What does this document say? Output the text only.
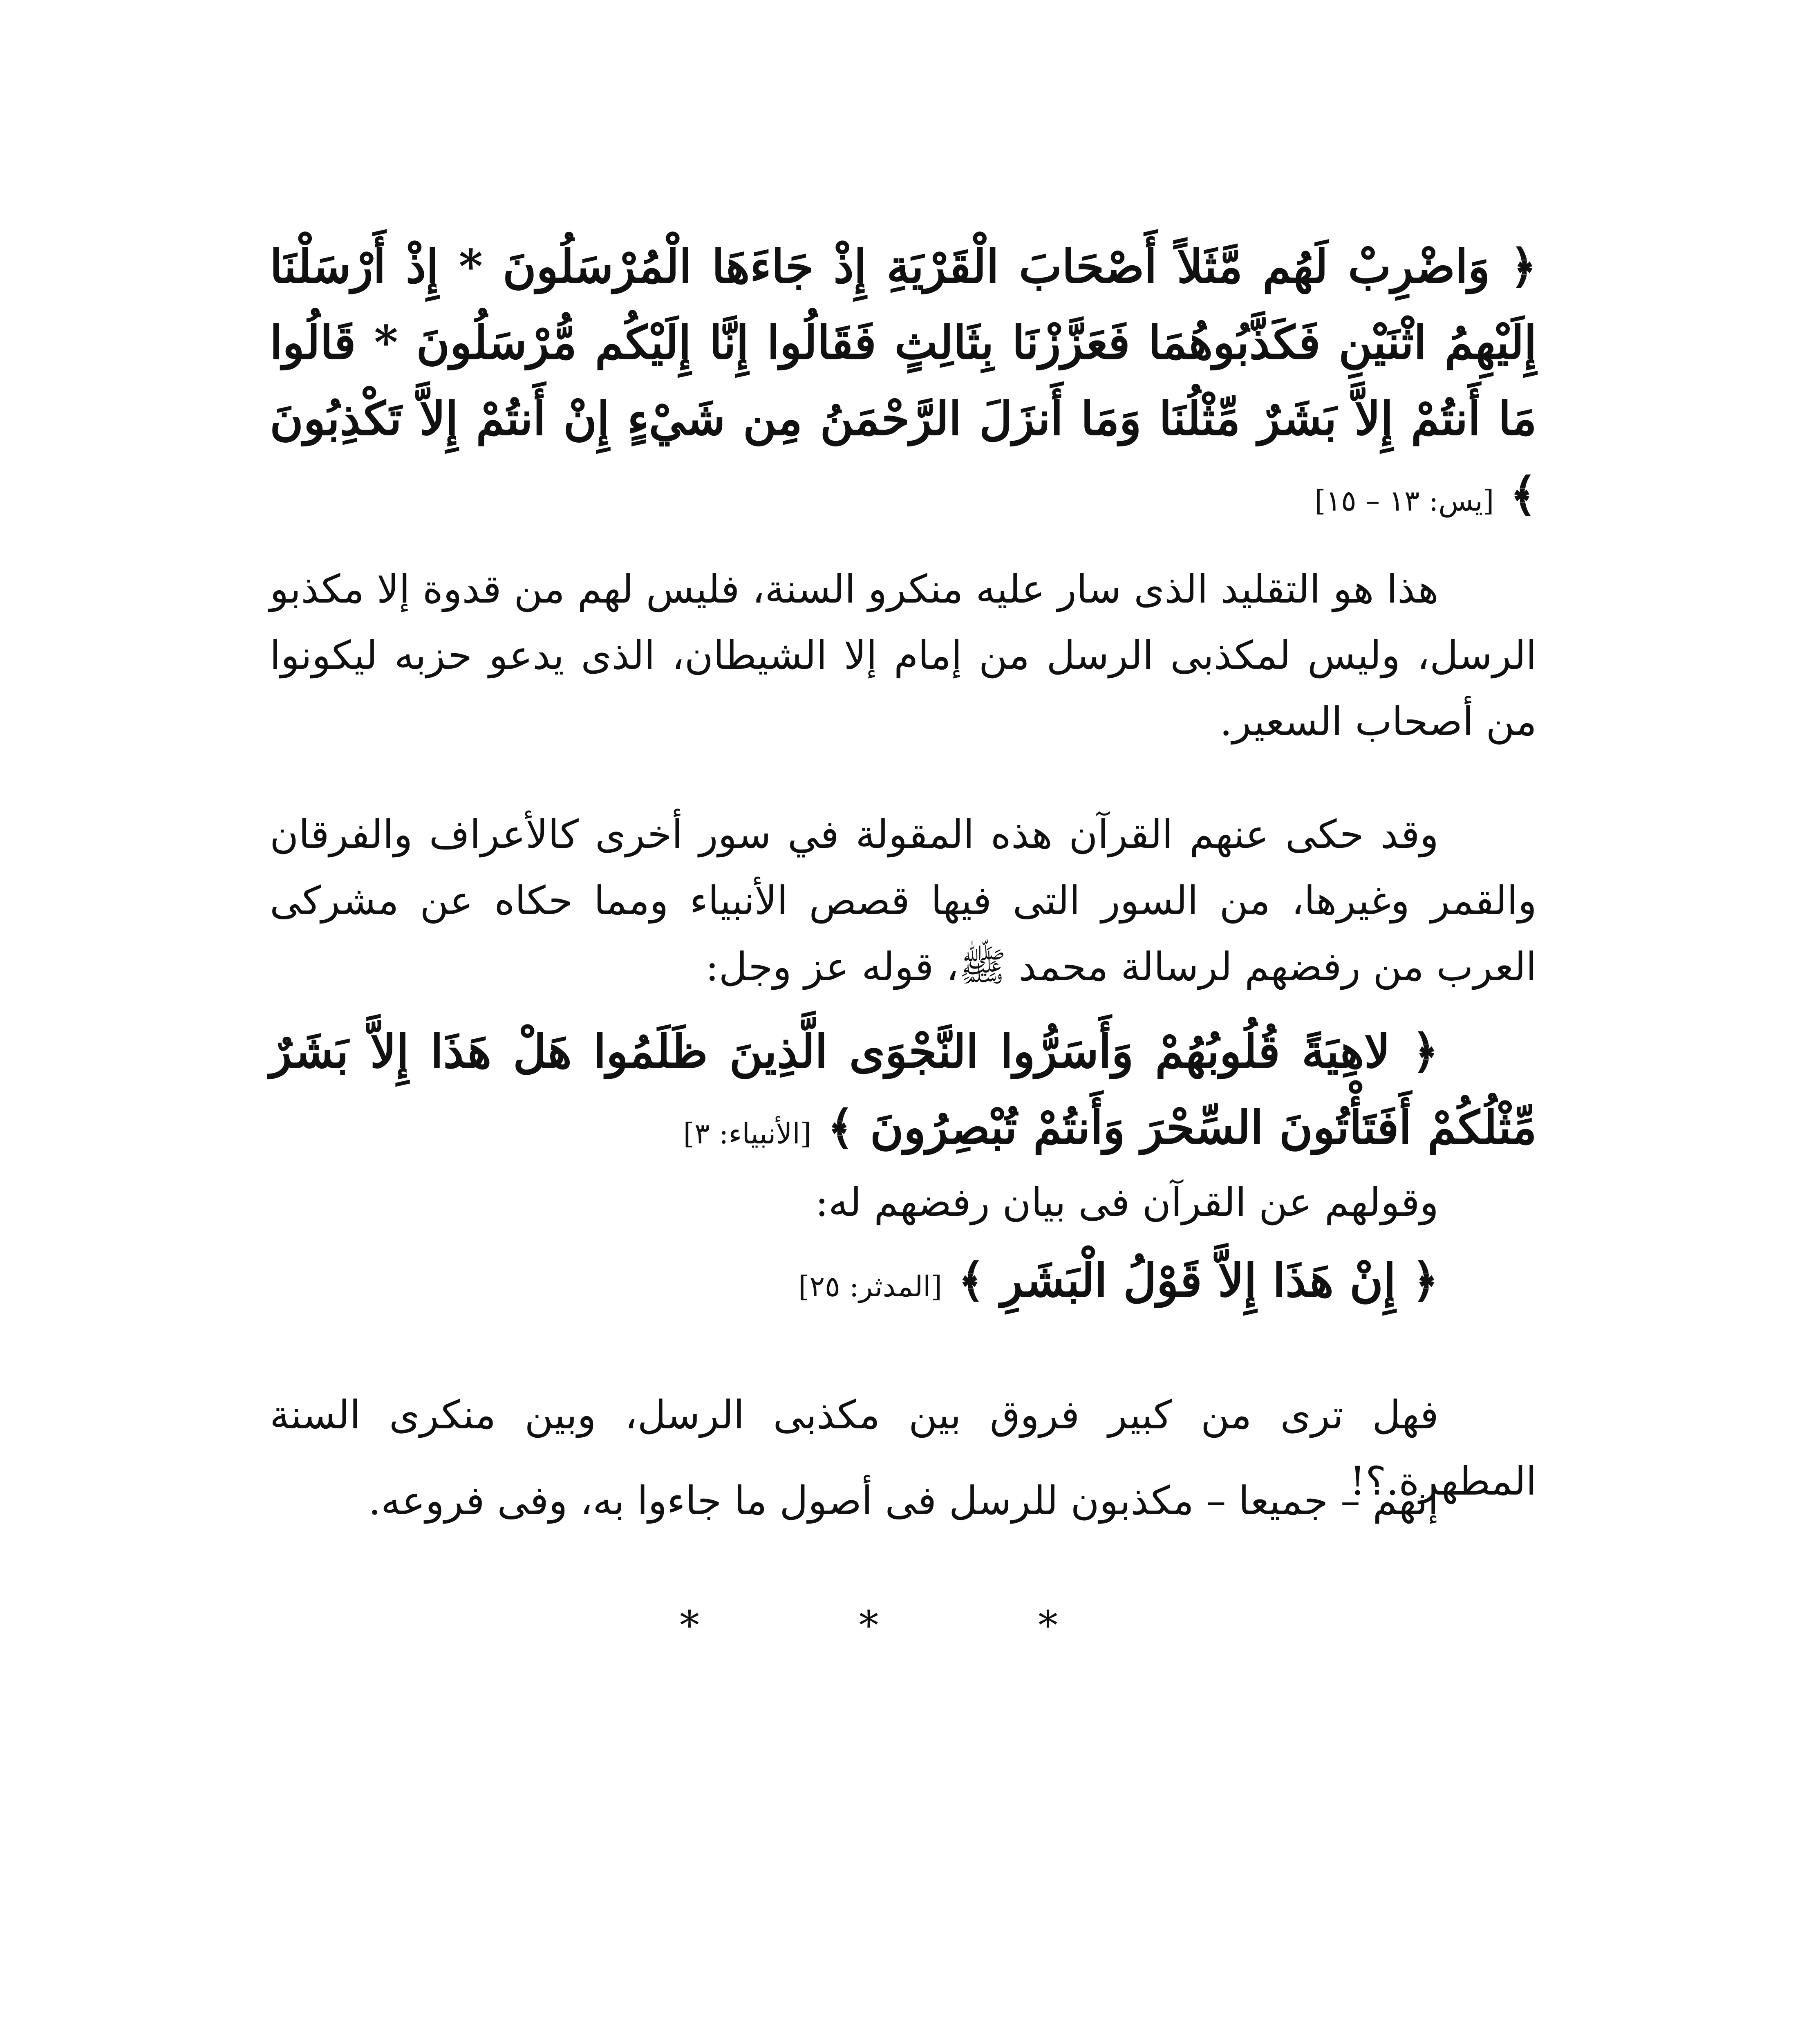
﴿ وَاضْرِبْ لَهُم مَّثَلاً أَصْحَابَ الْقَرْيَةِ إِذْ جَاءَهَا الْمُرْسَلُونَ * إِذْ أَرْسَلْنَا إِلَيْهِمُ اثْنَيْنِ فَكَذَّبُوهُمَا فَعَزَّزْنَا بِثَالِثٍ فَقَالُوا إِنَّا إِلَيْكُم مُّرْسَلُونَ * قَالُوا مَا أَنتُمْ إِلاَّ بَشَرٌ مِّثْلُنَا وَمَا أَنزَلَ الرَّحْمَنُ مِن شَيْءٍ إِنْ أَنتُمْ إِلاَّ تَكْذِبُونَ ﴾ [يس: ١٣ – ١٥]
هذا هو التقليد الذى سار عليه منكرو السنة، فليس لهم من قدوة إلا مكذبو الرسل، وليس لمكذبى الرسل من إمام إلا الشيطان، الذى يدعو حزبه ليكونوا من أصحاب السعير.
وقد حكى عنهم القرآن هذه المقولة في سور أخرى كالأعراف والفرقان والقمر وغيرها، من السور التى فيها قصص الأنبياء ومما حكاه عن مشركى العرب من رفضهم لرسالة محمد ﷺ، قوله عز وجل:
﴿ لاهِيَةً قُلُوبُهُمْ وَأَسَرُّوا النَّجْوَى الَّذِينَ ظَلَمُوا هَلْ هَذَا إِلاَّ بَشَرٌ مِّثْلُكُمْ أَفَتَأْتُونَ السِّحْرَ وَأَنتُمْ تُبْصِرُونَ ﴾ [الأنبياء: ٣]
وقولهم عن القرآن فى بيان رفضهم له:
﴿ إِنْ هَذَا إِلاَّ قَوْلُ الْبَشَرِ ﴾ [المدثر: ٢٥]
فهل ترى من كبير فروق بين مكذبى الرسل، وبين منكرى السنة المطهرة.؟!
إنهم – جميعا – مكذبون للرسل فى أصول ما جاءوا به، وفى فروعه.
* * *
